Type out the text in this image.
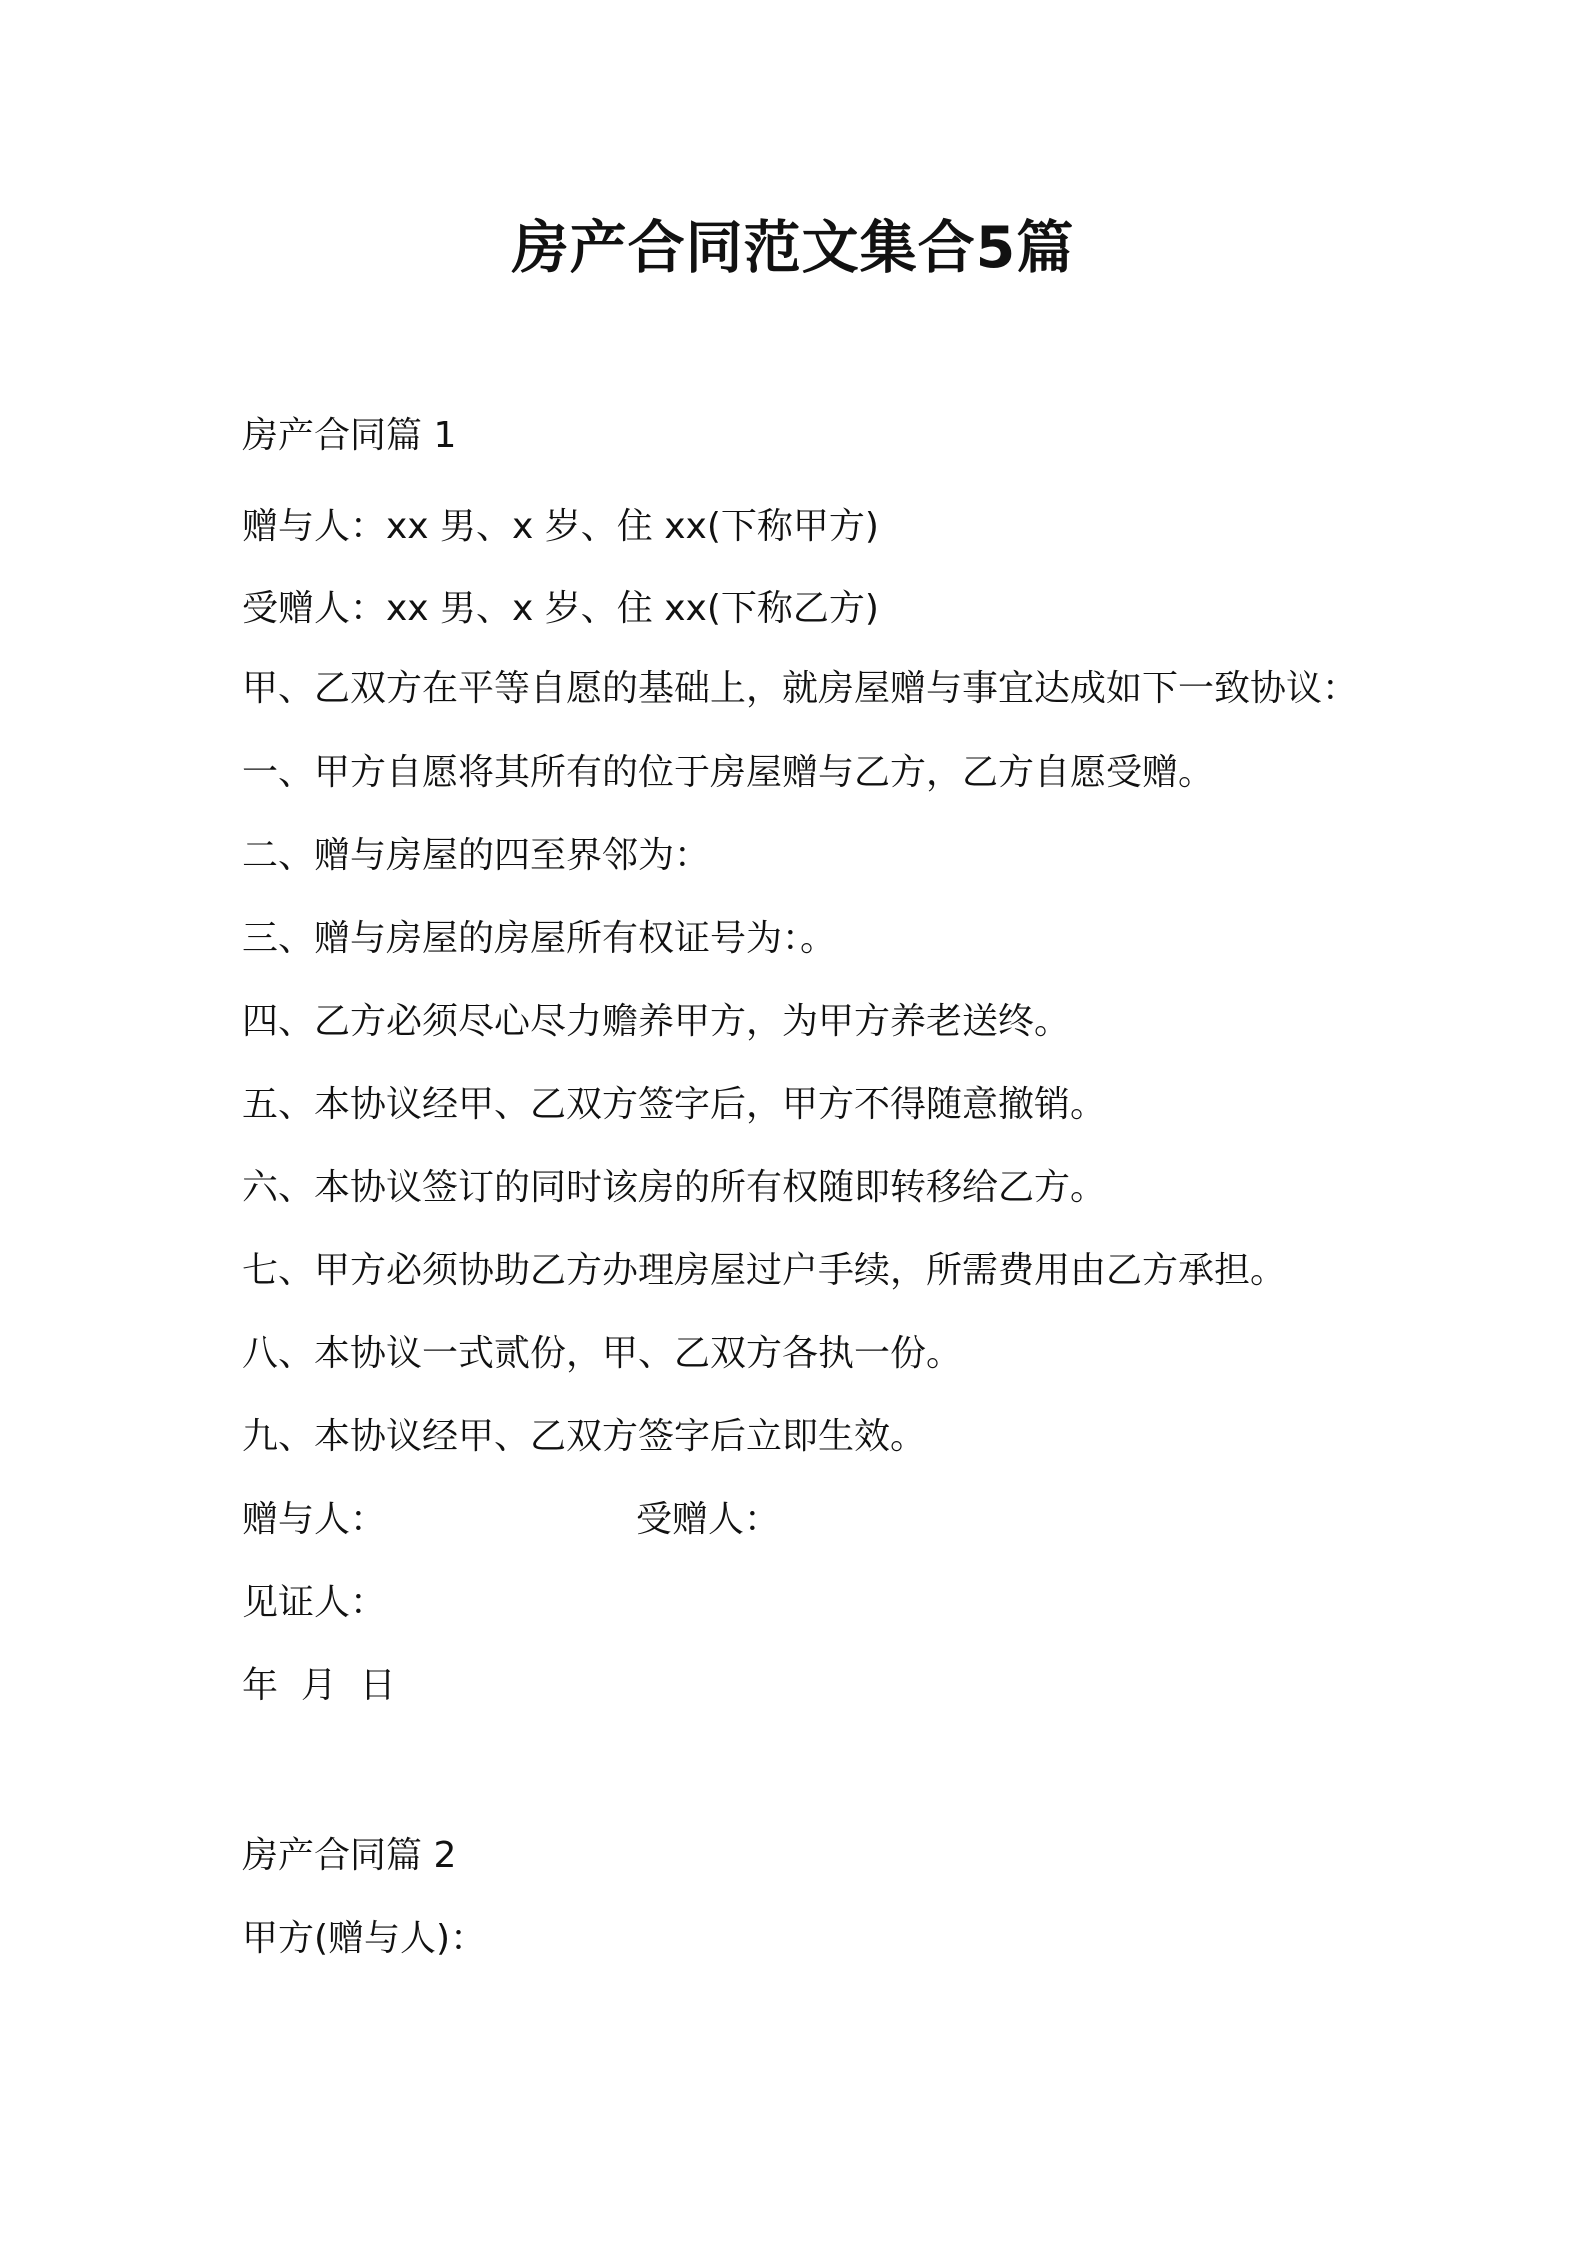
房产合同范文集合5篇
房产合同篇 1
赠与人：xx 男、x 岁、住 xx(下称甲方)
受赠人：xx 男、x 岁、住 xx(下称乙方)
甲、乙双方在平等自愿的基础上，就房屋赠与事宜达成如下一致协议：
一、甲方自愿将其所有的位于房屋赠与乙方，乙方自愿受赠。
二、赠与房屋的四至界邻为：
三、赠与房屋的房屋所有权证号为：。
四、乙方必须尽心尽力赡养甲方，为甲方养老送终。
五、本协议经甲、乙双方签字后，甲方不得随意撤销。
六、本协议签订的同时该房的所有权随即转移给乙方。
七、甲方必须协助乙方办理房屋过户手续，所需费用由乙方承担。
八、本协议一式贰份，甲、乙双方各执一份。
九、本协议经甲、乙双方签字后立即生效。
赠与人：	受赠人：
见证人：
年  月  日
房产合同篇 2
甲方(赠与人)：
